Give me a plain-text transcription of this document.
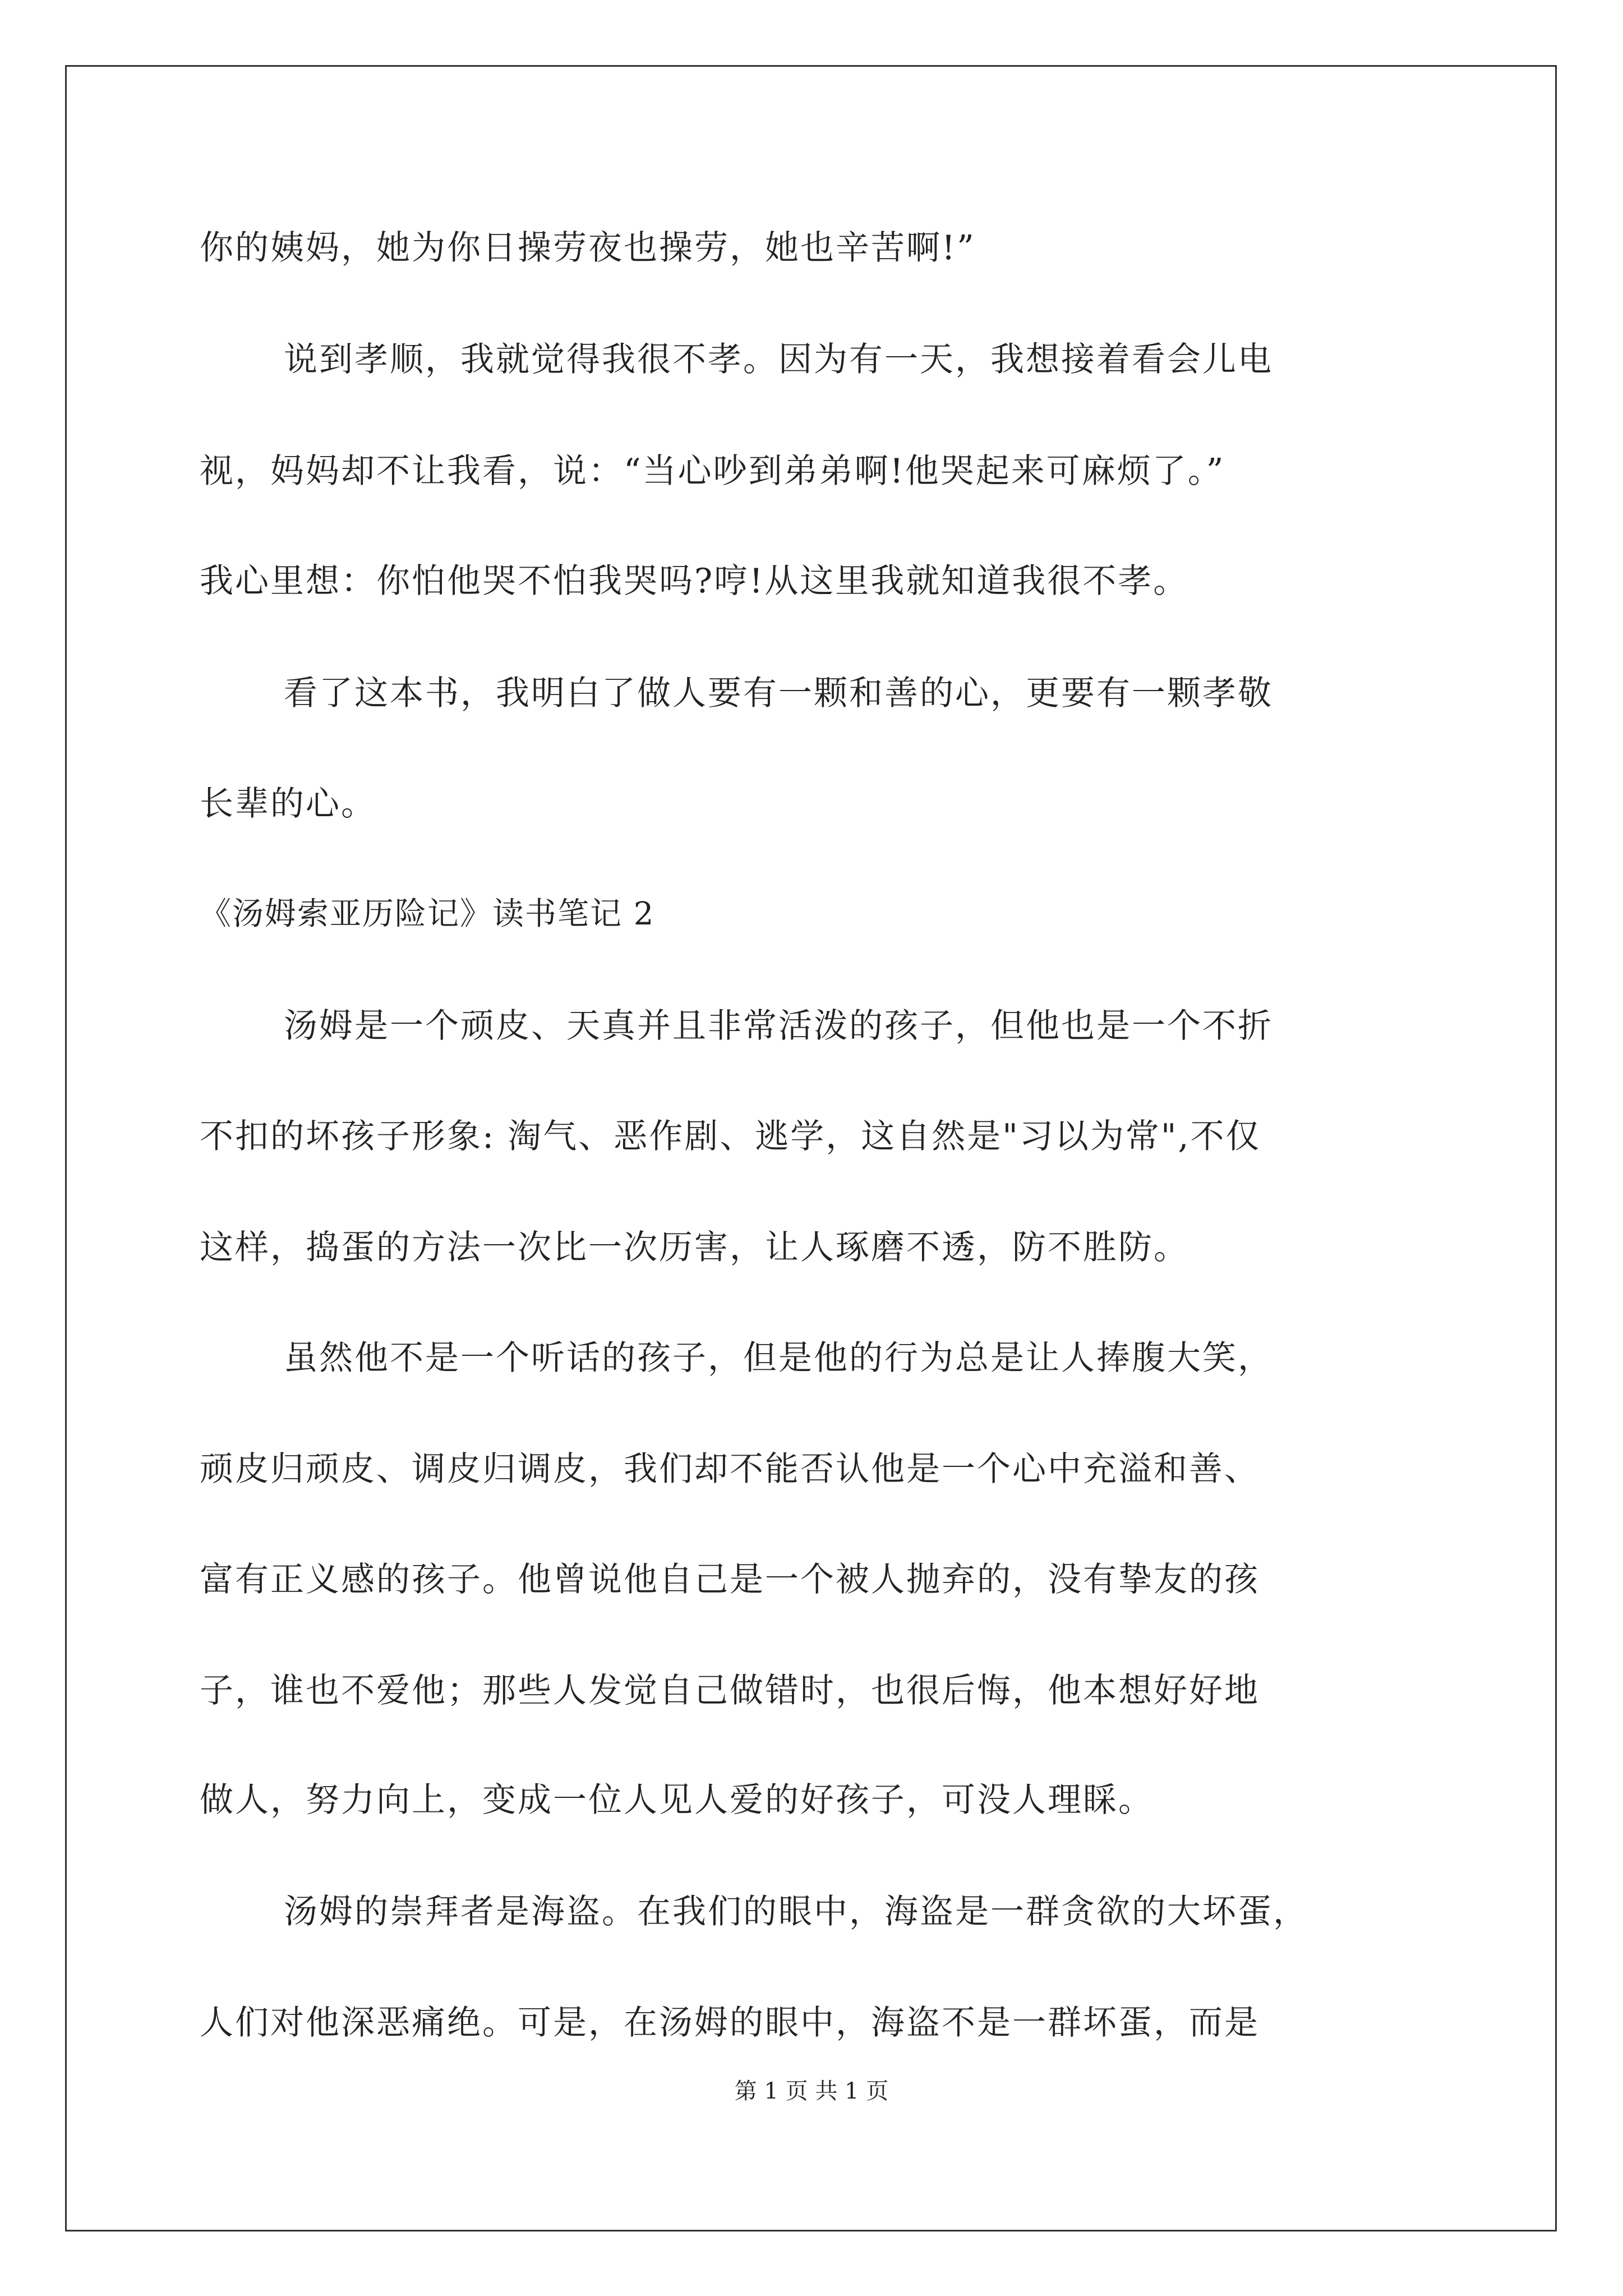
你的姨妈，她为你日操劳夜也操劳，她也辛苦啊!”
说到孝顺，我就觉得我很不孝。因为有一天，我想接着看会儿电
视，妈妈却不让我看，说：“当心吵到弟弟啊!他哭起来可麻烦了。”
我心里想：你怕他哭不怕我哭吗?哼!从这里我就知道我很不孝。
看了这本书，我明白了做人要有一颗和善的心，更要有一颗孝敬
长辈的心。
《汤姆索亚历险记》读书笔记 2
汤姆是一个顽皮、天真并且非常活泼的孩子，但他也是一个不折
不扣的坏孩子形象: 淘气、恶作剧、逃学，这自然是"习以为常",不仅
这样，捣蛋的方法一次比一次历害，让人琢磨不透，防不胜防。
虽然他不是一个听话的孩子，但是他的行为总是让人捧腹大笑，
顽皮归顽皮、调皮归调皮，我们却不能否认他是一个心中充溢和善、
富有正义感的孩子。他曾说他自己是一个被人抛弃的，没有挚友的孩
子，谁也不爱他；那些人发觉自己做错时，也很后悔，他本想好好地
做人，努力向上，变成一位人见人爱的好孩子，可没人理睬。
汤姆的崇拜者是海盗。在我们的眼中，海盗是一群贪欲的大坏蛋，
人们对他深恶痛绝。可是，在汤姆的眼中，海盗不是一群坏蛋，而是
第 1 页 共 1 页
